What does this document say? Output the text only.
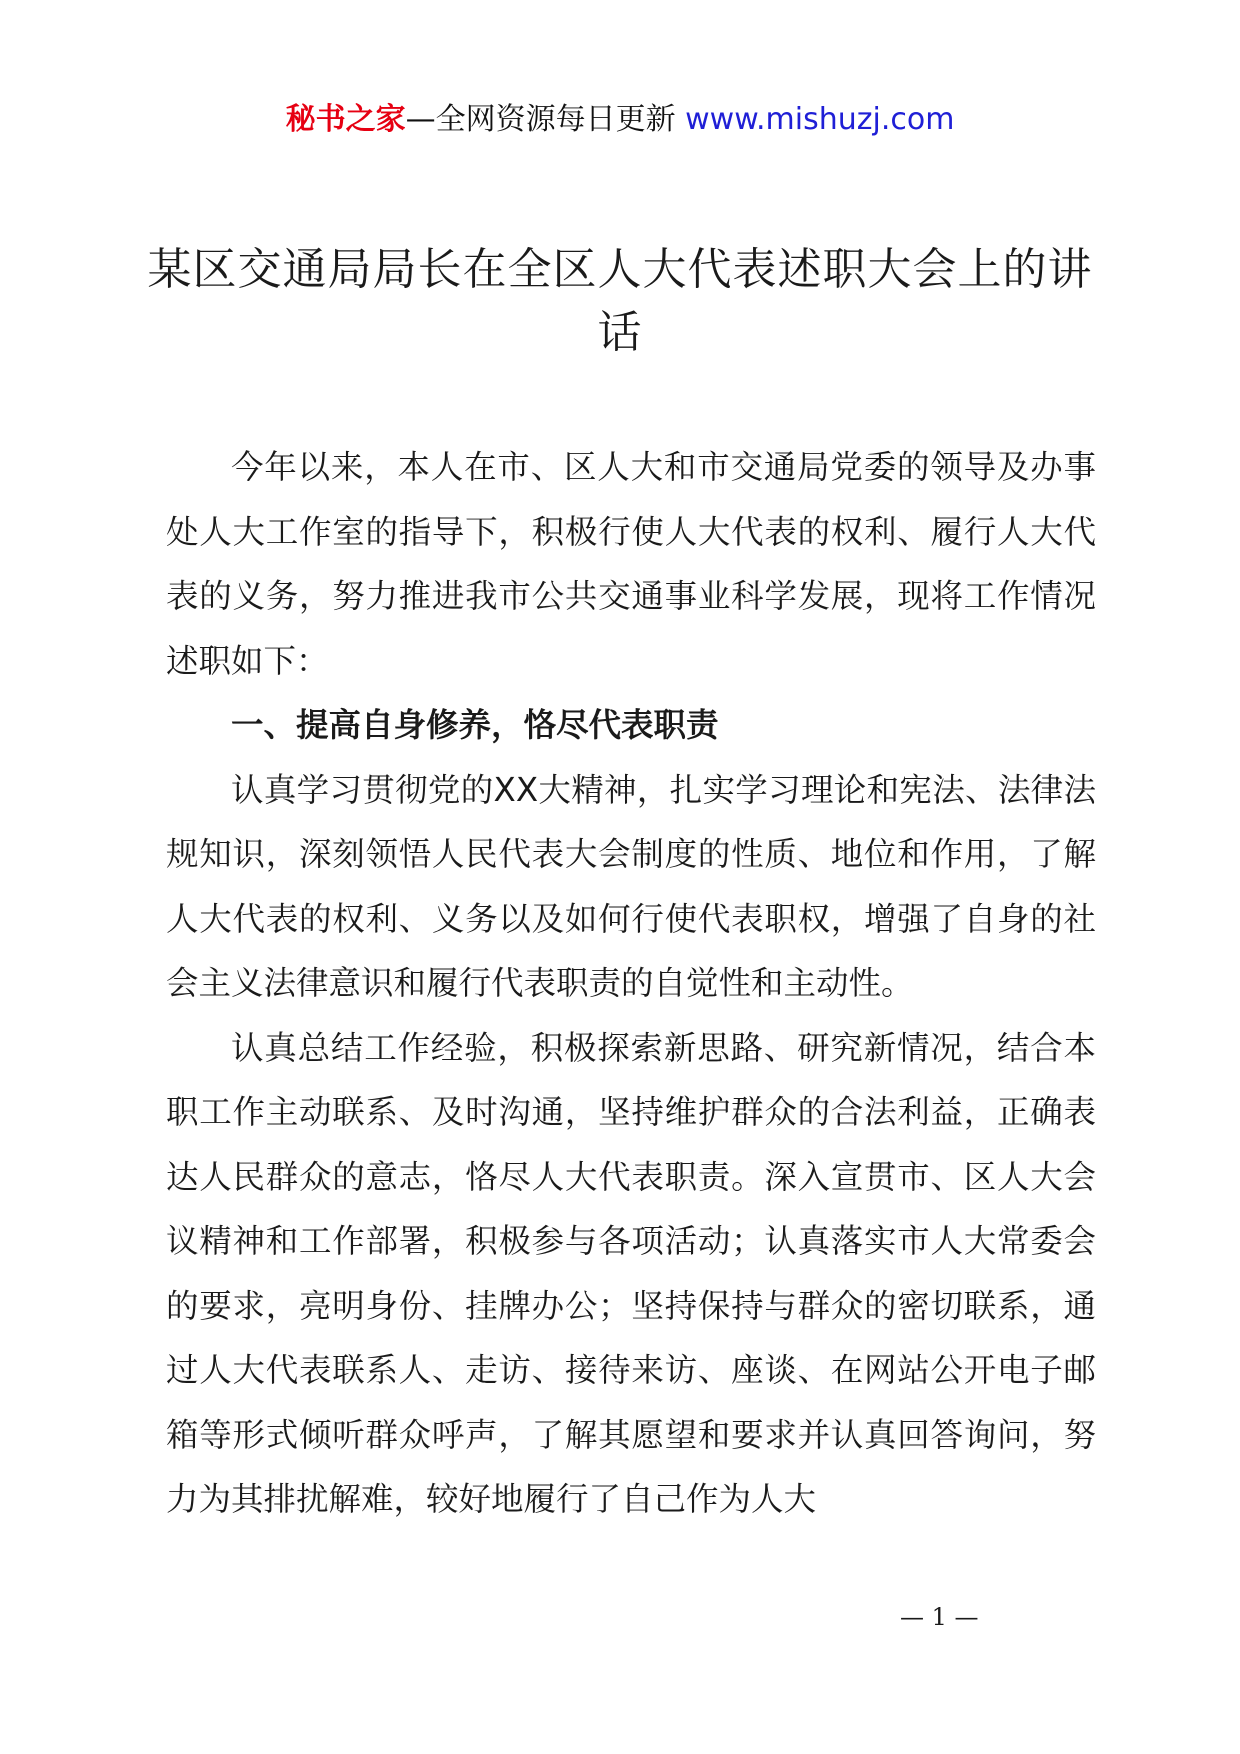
秘书之家—全网资源每日更新 www.mishuzj.com
某区交通局局长在全区人大代表述职大会上的讲话

今年以来，本人在市、区人大和市交通局党委的领导及办事处人大工作室的指导下，积极行使人大代表的权利、履行人大代表的义务，努力推进我市公共交通事业科学发展，现将工作情况述职如下：

一、提高自身修养，恪尽代表职责

认真学习贯彻党的XX大精神，扎实学习理论和宪法、法律法规知识，深刻领悟人民代表大会制度的性质、地位和作用，了解人大代表的权利、义务以及如何行使代表职权，增强了自身的社会主义法律意识和履行代表职责的自觉性和主动性。

认真总结工作经验，积极探索新思路、研究新情况，结合本职工作主动联系、及时沟通，坚持维护群众的合法利益，正确表达人民群众的意志，恪尽人大代表职责。深入宣贯市、区人大会议精神和工作部署，积极参与各项活动；认真落实市人大常委会的要求，亮明身份、挂牌办公；坚持保持与群众的密切联系，通过人大代表联系人、走访、接待来访、座谈、在网站公开电子邮箱等形式倾听群众呼声，了解其愿望和要求并认真回答询问，努力为其排扰解难，较好地履行了自己作为人大

— 1 —
